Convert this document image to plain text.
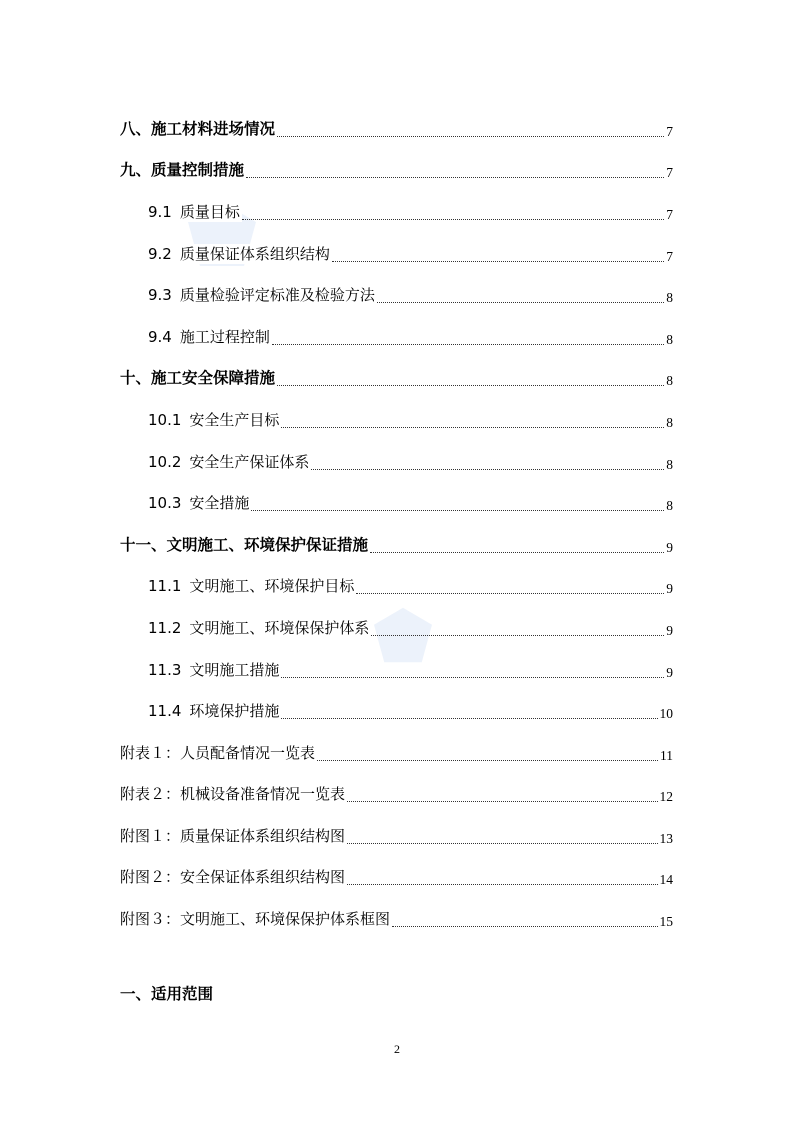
八、施工材料进场情况	7
九、质量控制措施	7
9.1 质量目标	7
9.2 质量保证体系组织结构	7
9.3 质量检验评定标准及检验方法	8
9.4 施工过程控制	8
十、施工安全保障措施	8
10.1 安全生产目标	8
10.2 安全生产保证体系	8
10.3 安全措施	8
十一、文明施工、环境保护保证措施	9
11.1 文明施工、环境保护目标	9
11.2 文明施工、环境保保护体系	9
11.3 文明施工措施	9
11.4 环境保护措施	10
附表１：人员配备情况一览表	11
附表２：机械设备准备情况一览表	12
附图１：质量保证体系组织结构图	13
附图２：安全保证体系组织结构图	14
附图３：文明施工、环境保保护体系框图	15
一、适用范围
2
